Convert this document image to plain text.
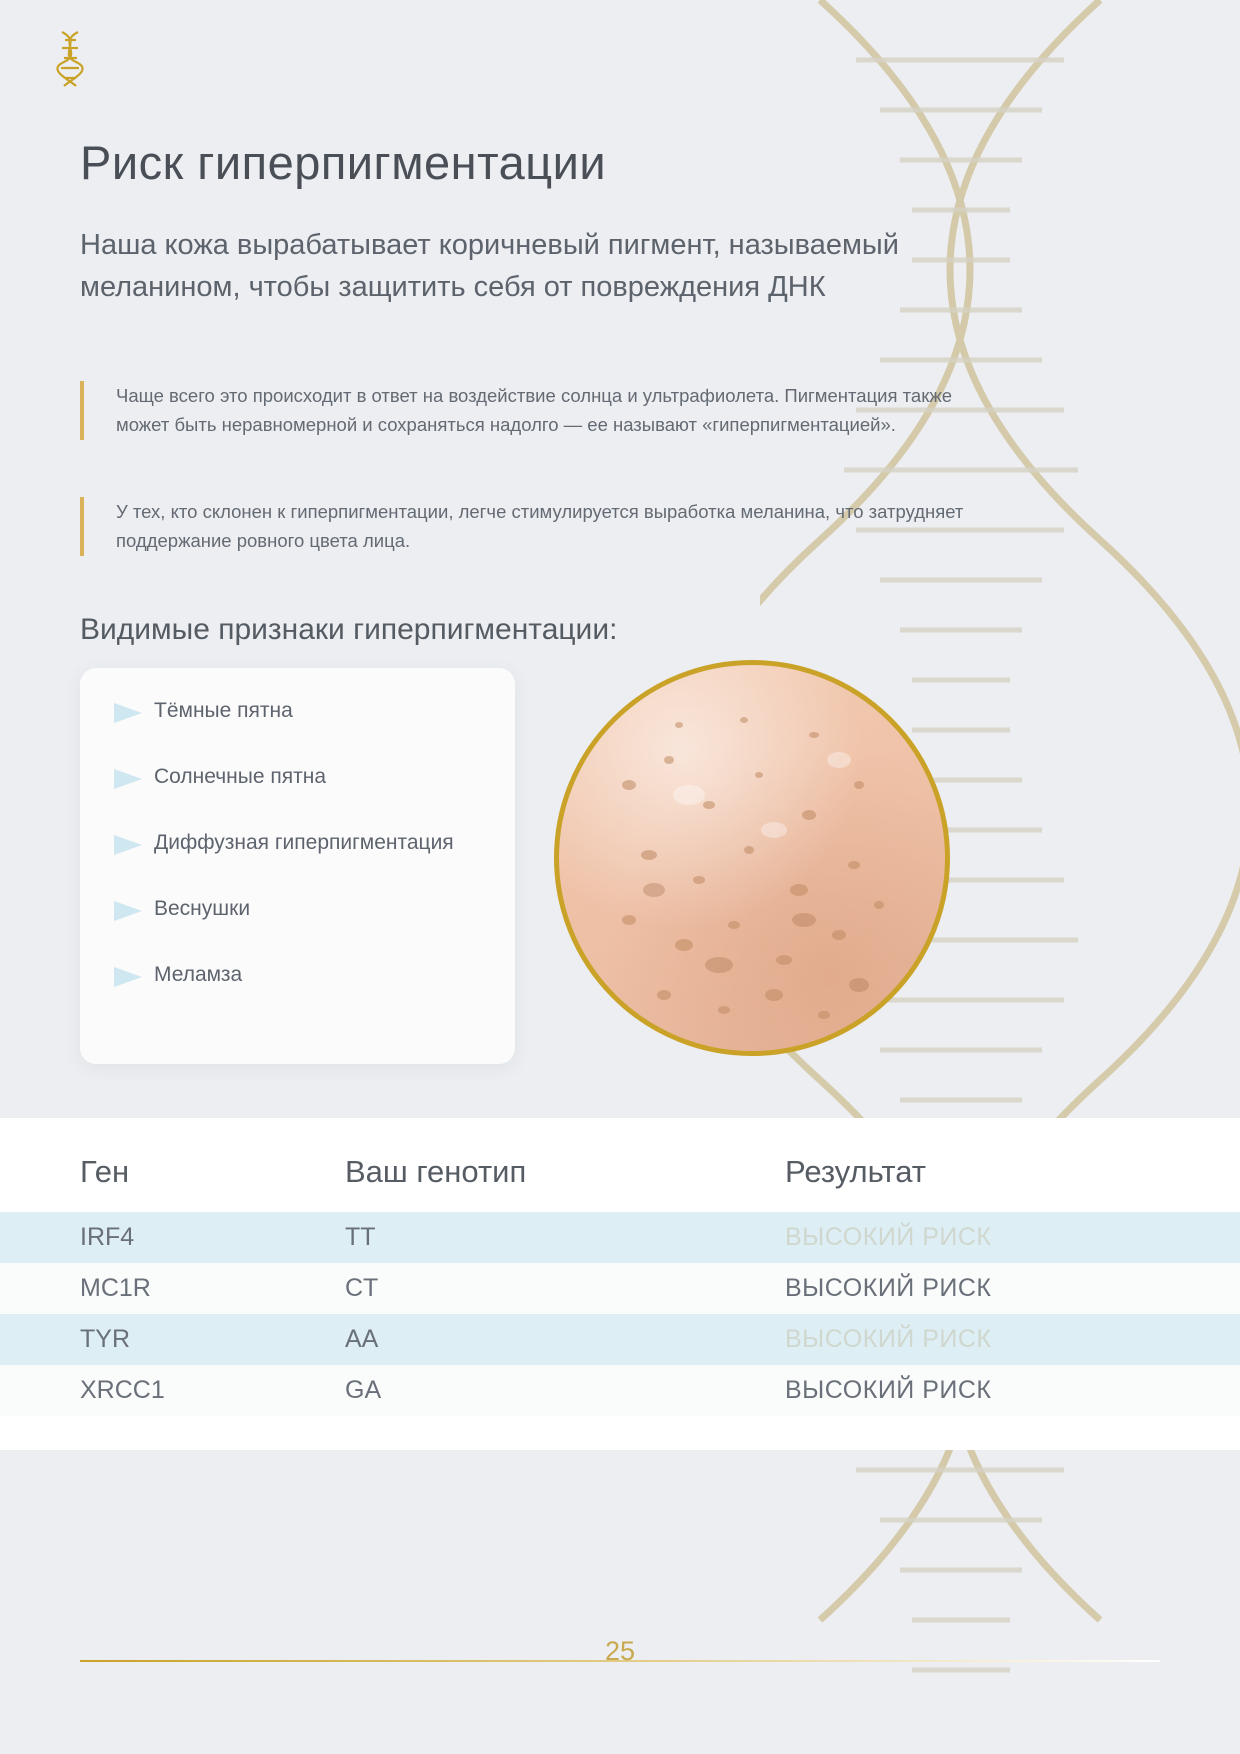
Риск гиперпигментации

Наша кожа вырабатывает коричневый пигмент, называемый меланином, чтобы защитить себя от повреждения ДНК

Чаще всего это происходит в ответ на воздействие солнца и ультрафиолета. Пигментация также может быть неравномерной и сохраняться надолго — ее называют «гиперпигментацией».

У тех, кто склонен к гиперпигментации, легче стимулируется выработка меланина, что затрудняет поддержание ровного цвета лица.

Видимые признаки гиперпигментации:
Тёмные пятна
Солнечные пятна
Диффузная гиперпигментация
Веснушки
Меламза
Ген	Ваш генотип	Результат
IRF4	TT	ВЫСОКИЙ РИСК
MC1R	CT	ВЫСОКИЙ РИСК
TYR	AA	ВЫСОКИЙ РИСК
XRCC1	GA	ВЫСОКИЙ РИСК
25
